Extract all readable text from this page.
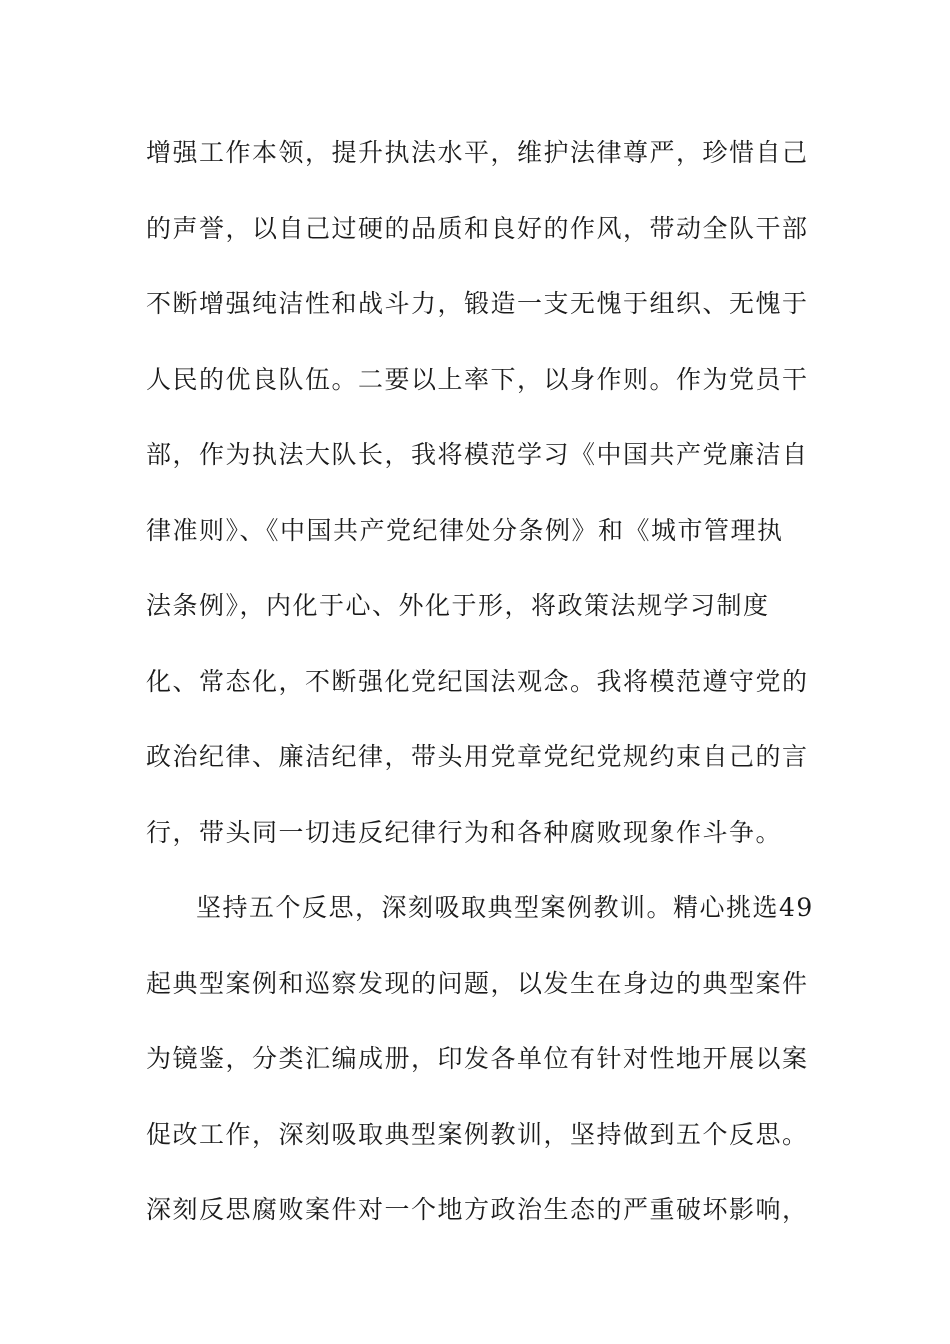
增强工作本领，提升执法水平，维护法律尊严，珍惜自己
的声誉，以自己过硬的品质和良好的作风，带动全队干部
不断增强纯洁性和战斗力，锻造一支无愧于组织、无愧于
人民的优良队伍。二要以上率下，以身作则。作为党员干
部，作为执法大队长，我将模范学习《中国共产党廉洁自
律准则》、《中国共产党纪律处分条例》和《城市管理执
法条例》，内化于心、外化于形，将政策法规学习制度
化、常态化，不断强化党纪国法观念。我将模范遵守党的
政治纪律、廉洁纪律，带头用党章党纪党规约束自己的言
行，带头同一切违反纪律行为和各种腐败现象作斗争。
坚持五个反思，深刻吸取典型案例教训。精心挑选49
起典型案例和巡察发现的问题，以发生在身边的典型案件
为镜鉴，分类汇编成册，印发各单位有针对性地开展以案
促改工作，深刻吸取典型案例教训，坚持做到五个反思。
深刻反思腐败案件对一个地方政治生态的严重破坏影响，
